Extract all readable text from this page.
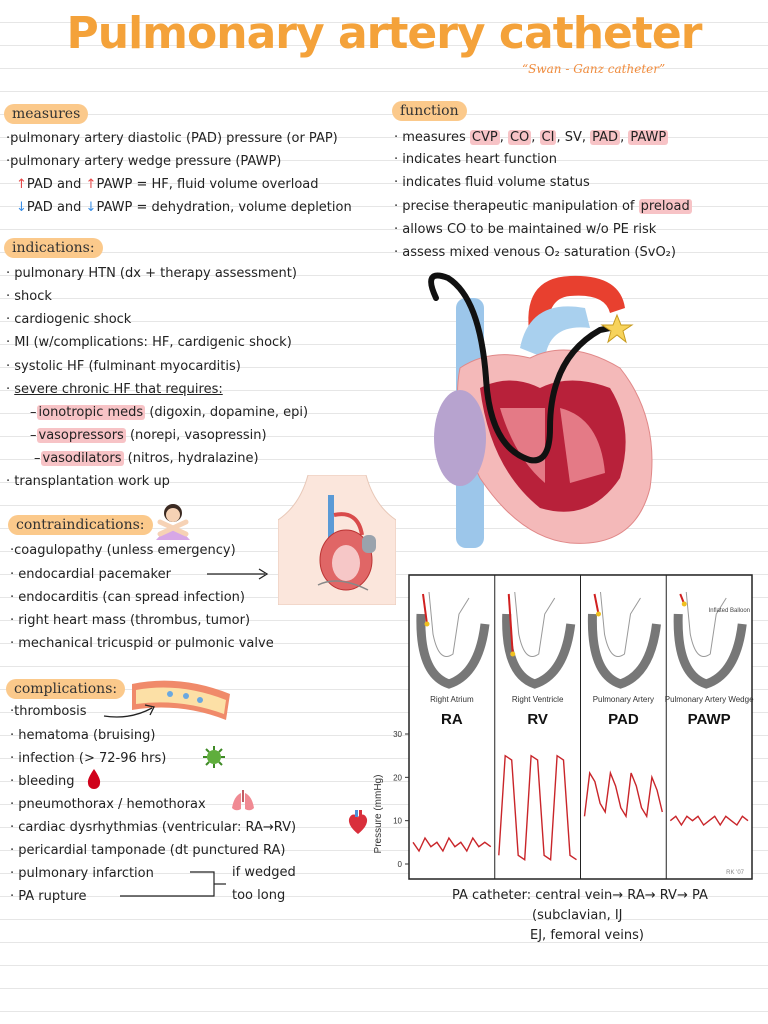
Pulmonary artery catheter
“Swan - Ganz catheter”
measures
·pulmonary artery diastolic (PAD) pressure (or PAP)
·pulmonary artery wedge pressure (PAWP)
↑PAD and ↑PAWP = HF, fluid volume overload
↓PAD and ↓PAWP = dehydration, volume depletion
function
· measures CVP , CO , CI , SV, PAD , PAWP
· indicates heart function
· indicates fluid volume status
· precise therapeutic manipulation of preload
· allows CO to be maintained w/o PE risk
· assess mixed venous O₂ saturation (SvO₂)
indications:
· pulmonary HTN (dx + therapy assessment)
· shock
· cardiogenic shock
· MI (w/complications: HF, cardigenic shock)
· systolic HF (fulminant myocarditis)
· severe chronic HF that requires:
– ionotropic meds (digoxin, dopamine, epi)
– vasopressors (norepi, vasopressin)
– vasodilators (nitros, hydralazine)
· transplantation work up
contraindications:
·coagulopathy (unless emergency)
· endocardial pacemaker
· endocarditis (can spread infection)
· right heart mass (thrombus, tumor)
· mechanical tricuspid or pulmonic valve
complications:
·thrombosis
· hematoma (bruising)
· infection (> 72-96 hrs)
· bleeding
· pneumothorax / hemothorax
· cardiac dysrhythmias (ventricular: RA→RV)
· pericardial tamponade (dt punctured RA)
· pulmonary infarction
· PA rupture
if wedged
too long
Right Atrium
RA
Right Ventricle
RV
Pulmonary Artery
PAD
Pulmonary Artery Wedge
PAWP
Inflated Balloon
0
10
20
30
Pressure (mmHg)
RK '07
PA catheter: central vein→ RA→ RV→ PA
(subclavian, IJ
EJ, femoral veins)
